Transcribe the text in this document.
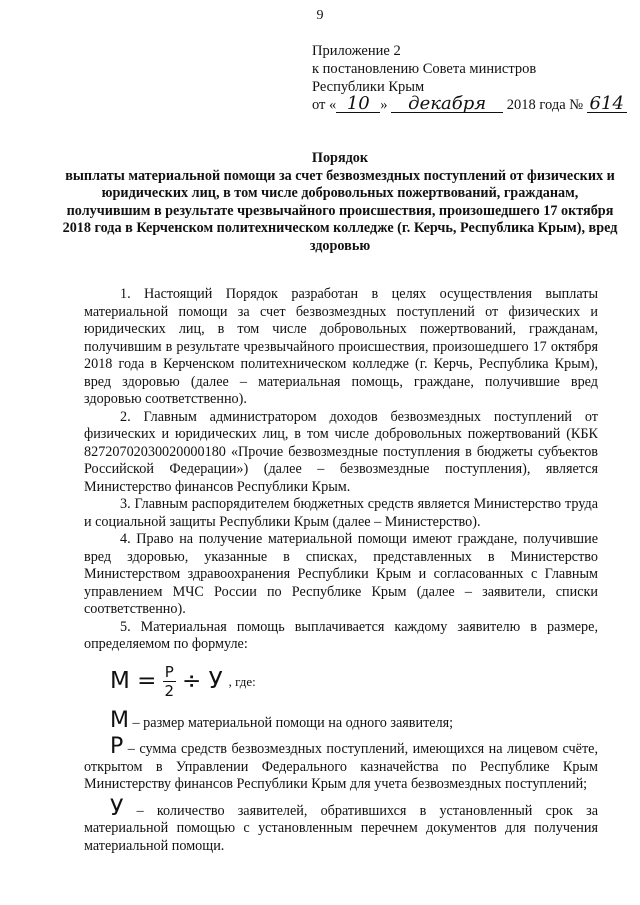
9
Приложение 2
к постановлению Совета министров
Республики Крым
от « 10 » декабря 2018 года № 614
Порядок
выплаты материальной помощи за счет безвозмездных поступлений от физических и юридических лиц, в том числе добровольных пожертвований, гражданам, получившим в результате чрезвычайного происшествия, произошедшего 17 октября 2018 года в Керченском политехническом колледже (г. Керчь, Республика Крым), вред здоровью

1. Настоящий Порядок разработан в целях осуществления выплаты материальной помощи за счет безвозмездных поступлений от физических и юридических лиц, в том числе добровольных пожертвований, гражданам, получившим в результате чрезвычайного происшествия, произошедшего 17 октября 2018 года в Керченском политехническом колледже (г. Керчь, Республика Крым), вред здоровью (далее – материальная помощь, граждане, получившие вред здоровью соответственно).

2. Главным администратором доходов безвозмездных поступлений от физических и юридических лиц, в том числе добровольных пожертвований (КБК 82720702030020000180 «Прочие безвозмездные поступления в бюджеты субъектов Российской Федерации») (далее – безвозмездные поступления), является Министерство финансов Республики Крым.

3. Главным распорядителем бюджетных средств является Министерство труда и социальной защиты Республики Крым (далее – Министерство).

4. Право на получение материальной помощи имеют граждане, получившие вред здоровью, указанные в списках, представленных в Министерство Министерством здравоохранения Республики Крым и согласованных с Главным управлением МЧС России по Республике Крым (далее – заявители, списки соответственно).

5. Материальная помощь выплачивается каждому заявителю в размере, определяемом по формуле:

$М = \frac{Р}{2} \div У$ , где:
М – размер материальной помощи на одного заявителя;
Р – сумма средств безвозмездных поступлений, имеющихся на лицевом счёте, открытом в Управлении Федерального казначейства по Республике Крым Министерству финансов Республики Крым для учета безвозмездных поступлений;
У – количество заявителей, обратившихся в установленный срок за материальной помощью с установленным перечнем документов для получения материальной помощи.
